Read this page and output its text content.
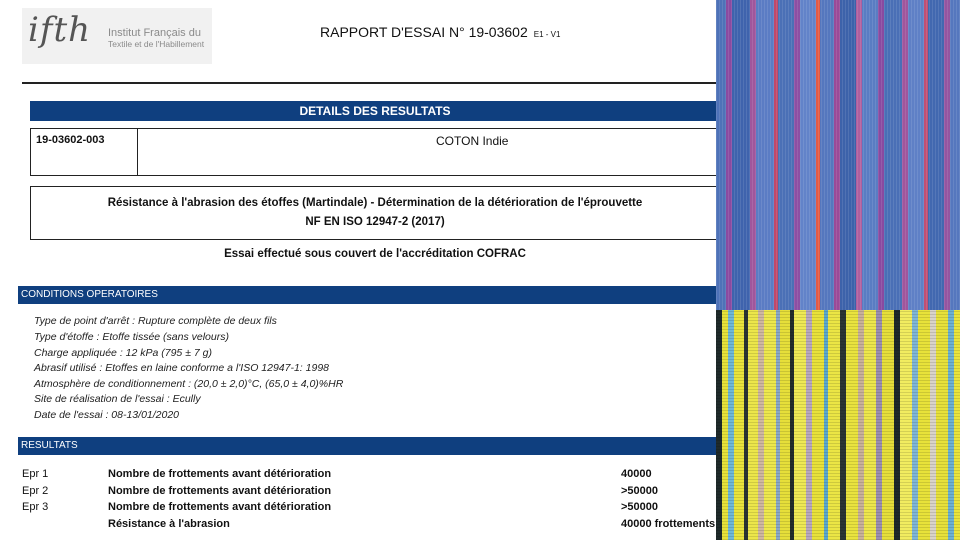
ifth Institut Français du
Textile et de l'Habillement
RAPPORT D'ESSAI N° 19-03602 E1 - V1
DETAILS DES RESULTATS
19-03602-003	COTON Indie
Résistance à l'abrasion des étoffes (Martindale) - Détermination de la détérioration de l'éprouvette
NF EN ISO 12947-2 (2017)
Essai effectué sous couvert de l'accréditation COFRAC
CONDITIONS OPERATOIRES
Type de point d'arrêt : Rupture complète de deux fils
Type d'étoffe : Etoffe tissée (sans velours)
Charge appliquée : 12 kPa (795 ± 7 g)
Abrasif utilisé : Etoffes en laine conforme a l'ISO 12947-1: 1998
Atmosphère de conditionnement : (20,0 ± 2,0)°C, (65,0 ± 4,0)%HR
Site de réalisation de l'essai : Ecully
Date de l'essai : 08-13/01/2020
RESULTATS
Epr 1	Nombre de frottements avant détérioration	40000
Epr 2	Nombre de frottements avant détérioration	>50000
Epr 3	Nombre de frottements avant détérioration	>50000
Résistance à l'abrasion	40000 frottements
